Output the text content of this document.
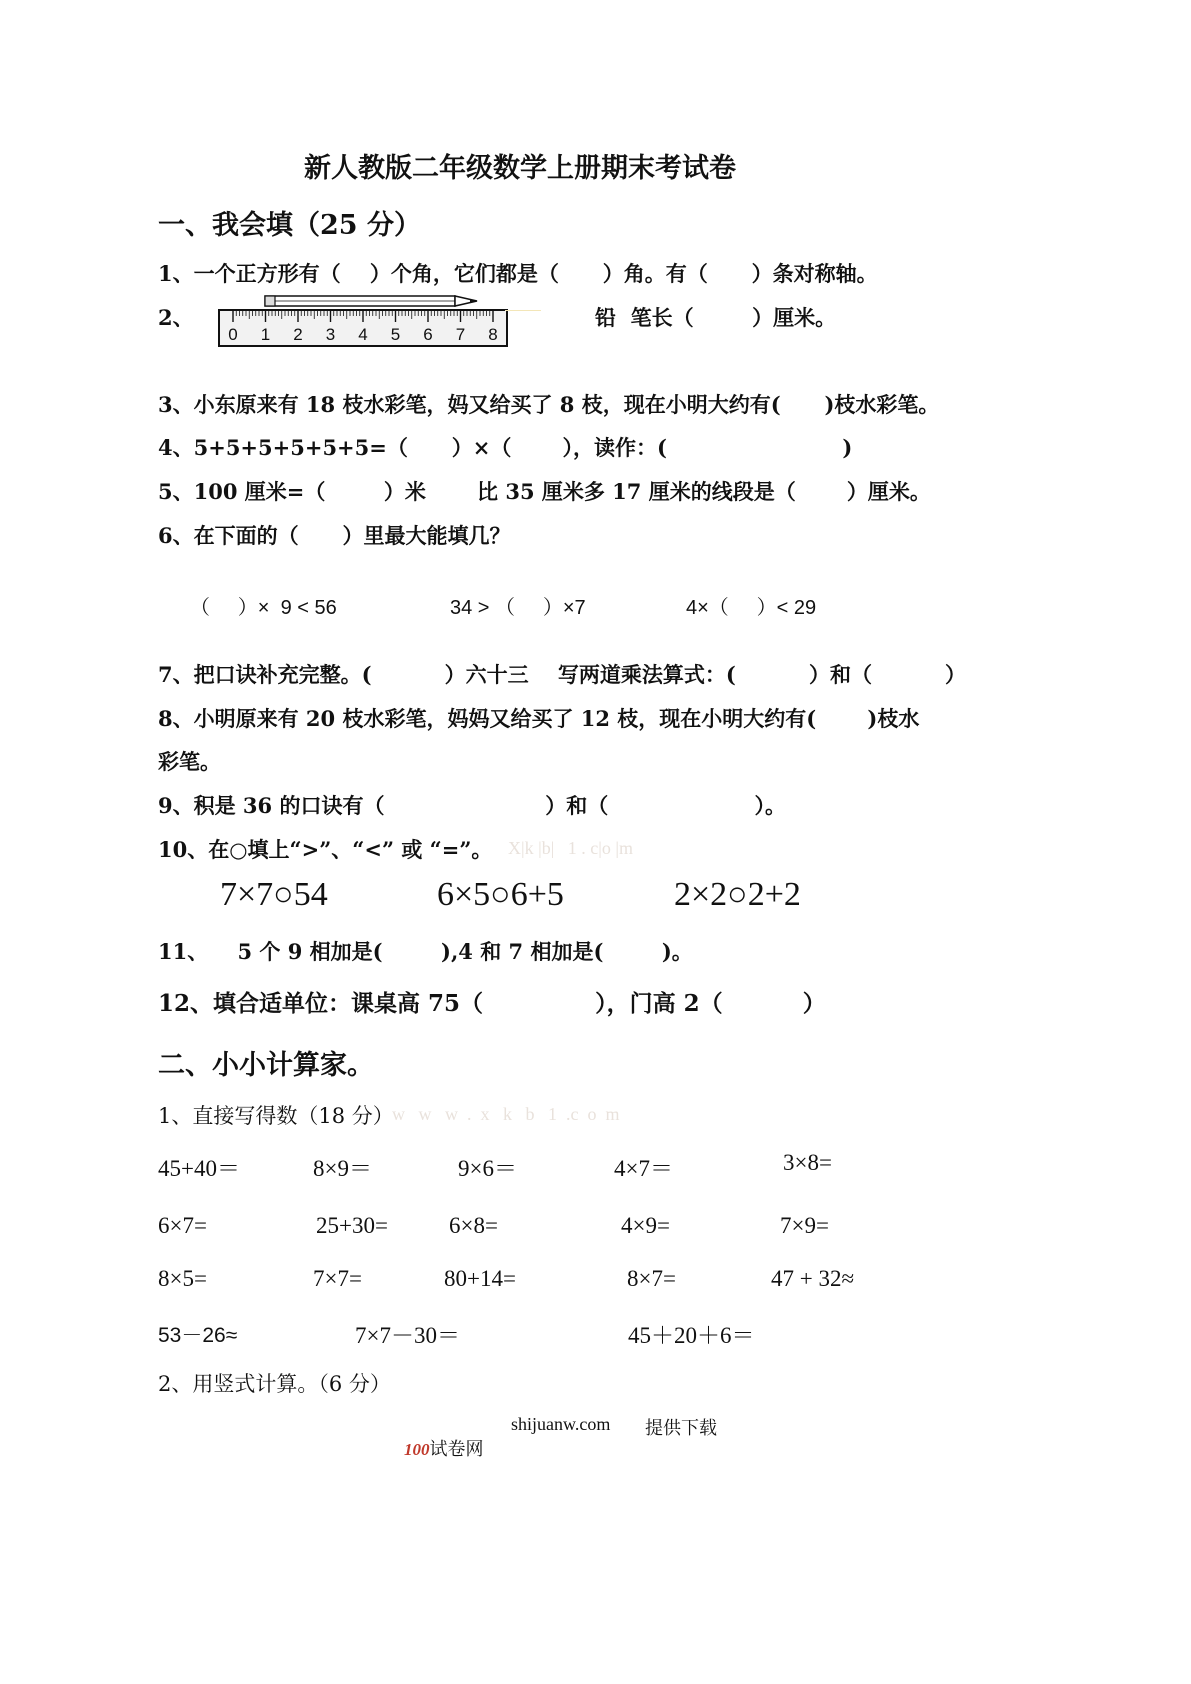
新人教版二年级数学上册期末考试卷
一、我会填（25 分）
1、一个正方形有（    ）个角，它们都是（      ）角。有（      ）条对称轴。
2、
0 1 2 3 4 5 6 7 8
铅  笔长（        ）厘米。
3、小东原来有 18 枝水彩笔，妈又给买了 8 枝，现在小明大约有(      )枝水彩笔。
4、5+5+5+5+5+5=（      ）×（       ），读作：(                        )
5、100 厘米=（        ）米       比 35 厘米多 17 厘米的线段是（       ）厘米。
6、在下面的（      ）里最大能填几？
（     ）×  9 < 56	34 > （     ）×7	4×（     ）< 29
7、把口诀补充完整。(          ）六十三    写两道乘法算式：(          ）和（          ）
8、小明原来有 20 枝水彩笔，妈妈又给买了 12 枝，现在小明大约有(       )枝水
彩笔。
9、积是 36 的口诀有（                      ）和（                    ）。
10、在○填上“>”、“<” 或 “=”。 X|k |b|   1 . c|o |m
7×7○54	6×5○6+5	2×2○2+2
11、    5 个 9 相加是(        ),4 和 7 相加是(        )。
12、填合适单位：课桌高 75（              ），门高 2（          ）
二、小小计算家。
1、直接写得数（18 分）
w   w   w  .  x   k   b   1  .c  o  m
45+40＝	8×9＝	9×6＝	4×7＝	3×8=
6×7=	25+30=	6×8=	4×9=	7×9=
8×5=	7×7=	80+14=	8×7=	47 + 32≈
53－26≈	7×7－30＝	45＋20＋6＝
2、用竖式计算。（6 分）

100试卷网

shijuanw.com 提供下载
